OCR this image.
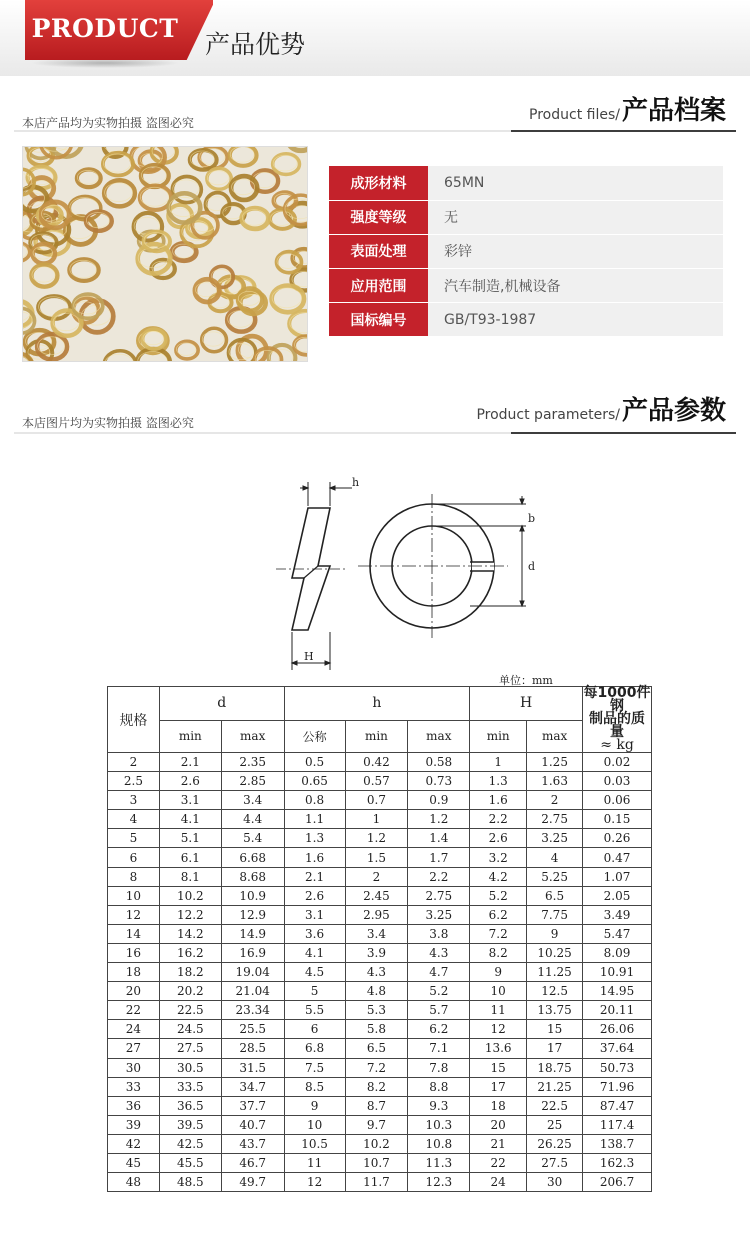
PRODUCT
产品优势
本店产品均为实物拍摄 盗图必究	Product files/ 产品档案
成形材料	65MN
强度等级	无
表面处理	彩锌
应用范围	汽车制造,机械设备
国标编号	GB/T93-1987
本店图片均为实物拍摄 盗图必究	Product parameters/ 产品参数
h
H
b
d
单位：mm
规格	d		h			H		每1000件钢
制品的质量
≈ kg
	min	max	公称	min	max	min	max	
2	2.1	2.35	0.5	0.42	0.58	1	1.25	0.02
2.5	2.6	2.85	0.65	0.57	0.73	1.3	1.63	0.03
3	3.1	3.4	0.8	0.7	0.9	1.6	2	0.06
4	4.1	4.4	1.1	1	1.2	2.2	2.75	0.15
5	5.1	5.4	1.3	1.2	1.4	2.6	3.25	0.26
6	6.1	6.68	1.6	1.5	1.7	3.2	4	0.47
8	8.1	8.68	2.1	2	2.2	4.2	5.25	1.07
10	10.2	10.9	2.6	2.45	2.75	5.2	6.5	2.05
12	12.2	12.9	3.1	2.95	3.25	6.2	7.75	3.49
14	14.2	14.9	3.6	3.4	3.8	7.2	9	5.47
16	16.2	16.9	4.1	3.9	4.3	8.2	10.25	8.09
18	18.2	19.04	4.5	4.3	4.7	9	11.25	10.91
20	20.2	21.04	5	4.8	5.2	10	12.5	14.95
22	22.5	23.34	5.5	5.3	5.7	11	13.75	20.11
24	24.5	25.5	6	5.8	6.2	12	15	26.06
27	27.5	28.5	6.8	6.5	7.1	13.6	17	37.64
30	30.5	31.5	7.5	7.2	7.8	15	18.75	50.73
33	33.5	34.7	8.5	8.2	8.8	17	21.25	71.96
36	36.5	37.7	9	8.7	9.3	18	22.5	87.47
39	39.5	40.7	10	9.7	10.3	20	25	117.4
42	42.5	43.7	10.5	10.2	10.8	21	26.25	138.7
45	45.5	46.7	11	10.7	11.3	22	27.5	162.3
48	48.5	49.7	12	11.7	12.3	24	30	206.7
